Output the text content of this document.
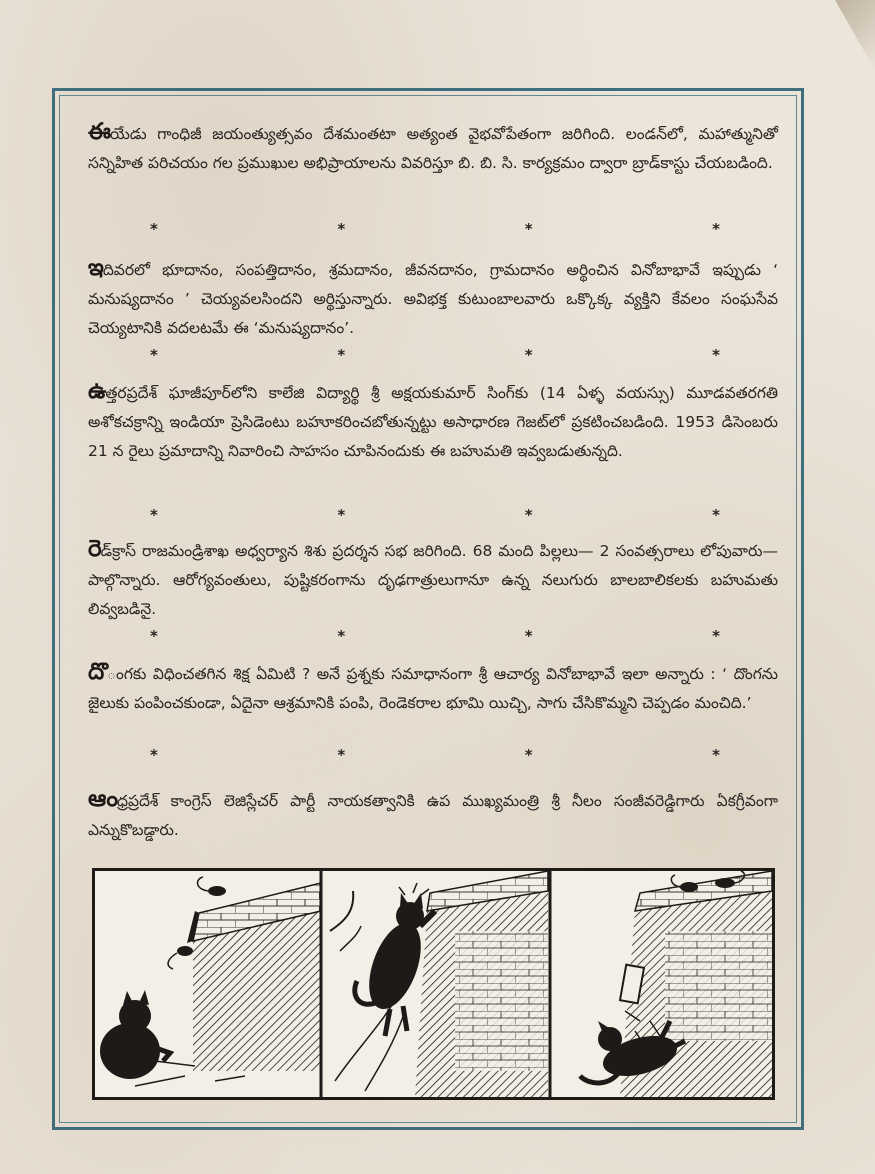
ఈయేడు గాంధిజీ జయంత్యుత్సవం దేశమంతటా అత్యంత వైభవోపేతంగా జరిగింది. లండన్‌లో, మహాత్మునితో సన్నిహిత పరిచయం గల ప్రముఖుల అభిప్రాయాలను వివరిస్తూ బి. బి. సి. కార్యక్రమం ద్వారా బ్రాడ్‌కాస్టు చేయబడింది.
*	*	*	*
ఇదివరలో భూదానం, సంపత్తిదానం, శ్రమదానం, జీవనదానం, గ్రామదానం అర్థించిన వినోబాభావే ఇప్పుడు ‘ మనుష్యదానం ’ చెయ్యవలసిందని అర్థిస్తున్నారు. అవిభక్త కుటుంబాలవారు ఒక్కొక్క వ్యక్తిని కేవలం సంఘసేవ చెయ్యటానికి వదలటమే ఈ ‘మనుష్యదానం’.
*	*	*	*
ఉత్తరప్రదేశ్ ఘాజీపూర్‌లోని కాలేజి విద్యార్థి శ్రీ అక్షయకుమార్ సింగ్‌కు (14 ఏళ్ళ వయస్సు) మూడవతరగతి అశోకచక్రాన్ని ఇండియా ప్రెసిడెంటు బహూకరించబోతున్నట్టు అసాధారణ గెజట్‌లో ప్రకటించబడింది. 1953 డిసెంబరు 21 న రైలు ప్రమాదాన్ని నివారించి సాహసం చూపినందుకు ఈ బహుమతి ఇవ్వబడుతున్నది.
*	*	*	*
రెడ్‌క్రాస్ రాజమండ్రిశాఖ అధ్వర్యాన శిశు ప్రదర్శన సభ జరిగింది. 68 మంది పిల్లలు— 2 సంవత్సరాలు లోపువారు—పాల్గొన్నారు. ఆరోగ్యవంతులు, పుష్టికరంగాను దృఢగాత్రులుగానూ ఉన్న నలుగురు బాలబాలికలకు బహుమతు లివ్వబడినై.
*	*	*	*
దొంగకు విధించతగిన శిక్ష ఏమిటి ? అనే ప్రశ్నకు సమాధానంగా శ్రీ ఆచార్య వినోబాభావే ఇలా అన్నారు : ‘ దొంగను జైలుకు పంపించకుండా, ఏదైనా ఆశ్రమానికి పంపి, రెండెకరాల భూమి యిచ్చి, సాగు చేసికొమ్మని చెప్పడం మంచిది.’
*	*	*	*
ఆంధ్రప్రదేశ్ కాంగ్రెస్ లెజిస్లేచర్ పార్టీ నాయకత్వానికి ఉప ముఖ్యమంత్రి శ్రీ నీలం సంజీవరెడ్డిగారు ఏకగ్రీవంగా ఎన్నుకొబడ్డారు.
